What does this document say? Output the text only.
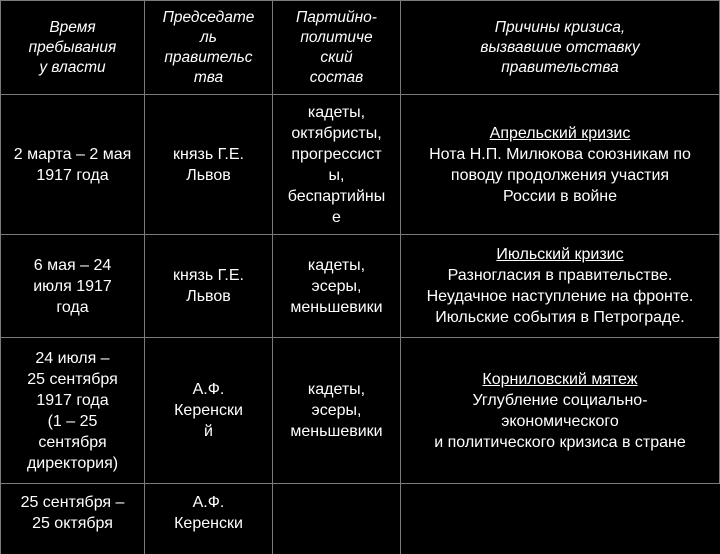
Время
пребывания
у власти
Председате
ль
правительс
тва
Партийно-
политиче
ский
состав
Причины кризиса,
вызвавшие отставку
правительства
2 марта – 2 мая
1917 года
князь Г.Е.
Львов
кадеты,
октябристы,
прогрессист
ы,
беспартийны
е
Апрельский кризис
Нота Н.П. Милюкова союзникам по
поводу продолжения участия
России в войне
6 мая – 24
июля 1917
года
князь Г.Е.
Львов
кадеты,
эсеры,
меньшевики
Июльский кризис
Разногласия в правительстве.
Неудачное наступление на фронте.
Июльские события в Петрограде.
24 июля –
25 сентября
1917 года
(1 – 25
сентября
директория)
А.Ф.
Керенски
й
кадеты,
эсеры,
меньшевики
Корниловский мятеж
Углубление социально-
экономического
и политического кризиса в стране
25 сентября –
25 октября
А.Ф.
Керенски
